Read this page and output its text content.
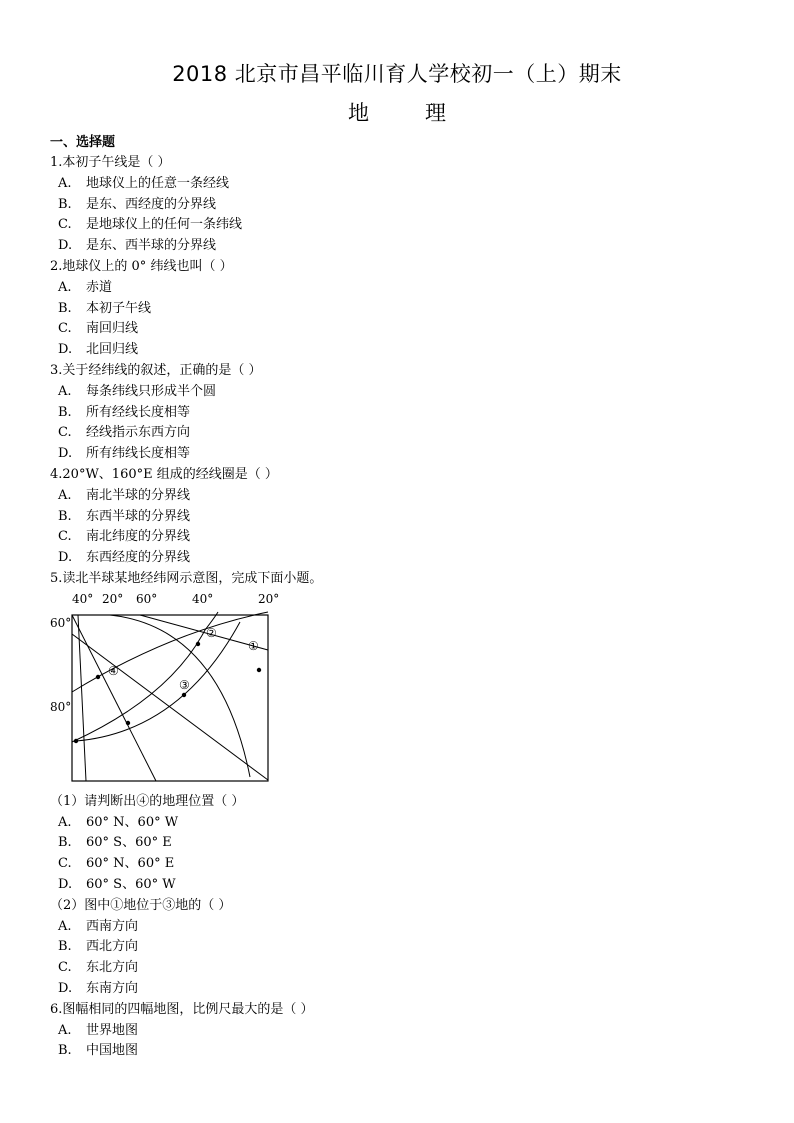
2018 北京市昌平临川育人学校初一（上）期末
地	理
一、选择题
1.本初子午线是（ ）
A. 地球仪上的任意一条经线
B. 是东、西经度的分界线
C. 是地球仪上的任何一条纬线
D. 是东、西半球的分界线
2.地球仪上的 0° 纬线也叫（ ）
A. 赤道
B. 本初子午线
C. 南回归线
D. 北回归线
3.关于经纬线的叙述，正确的是（ ）
A. 每条纬线只形成半个圆
B. 所有经线长度相等
C. 经线指示东西方向
D. 所有纬线长度相等
4.20°W、160°E 组成的经线圈是（ ）
A. 南北半球的分界线
B. 东西半球的分界线
C. 南北纬度的分界线
D. 东西经度的分界线
5.读北半球某地经纬网示意图，完成下面小题。
40° 20° 60°	40°	20°
60°
80°
①
②
③
④
（1）请判断出④的地理位置（ ）
A. 60° N、60° W
B. 60° S、60° E
C. 60° N、60° E
D. 60° S、60° W
（2）图中①地位于③地的（ ）
A. 西南方向
B. 西北方向
C. 东北方向
D. 东南方向
6.图幅相同的四幅地图，比例尺最大的是（ ）
A. 世界地图
B. 中国地图
